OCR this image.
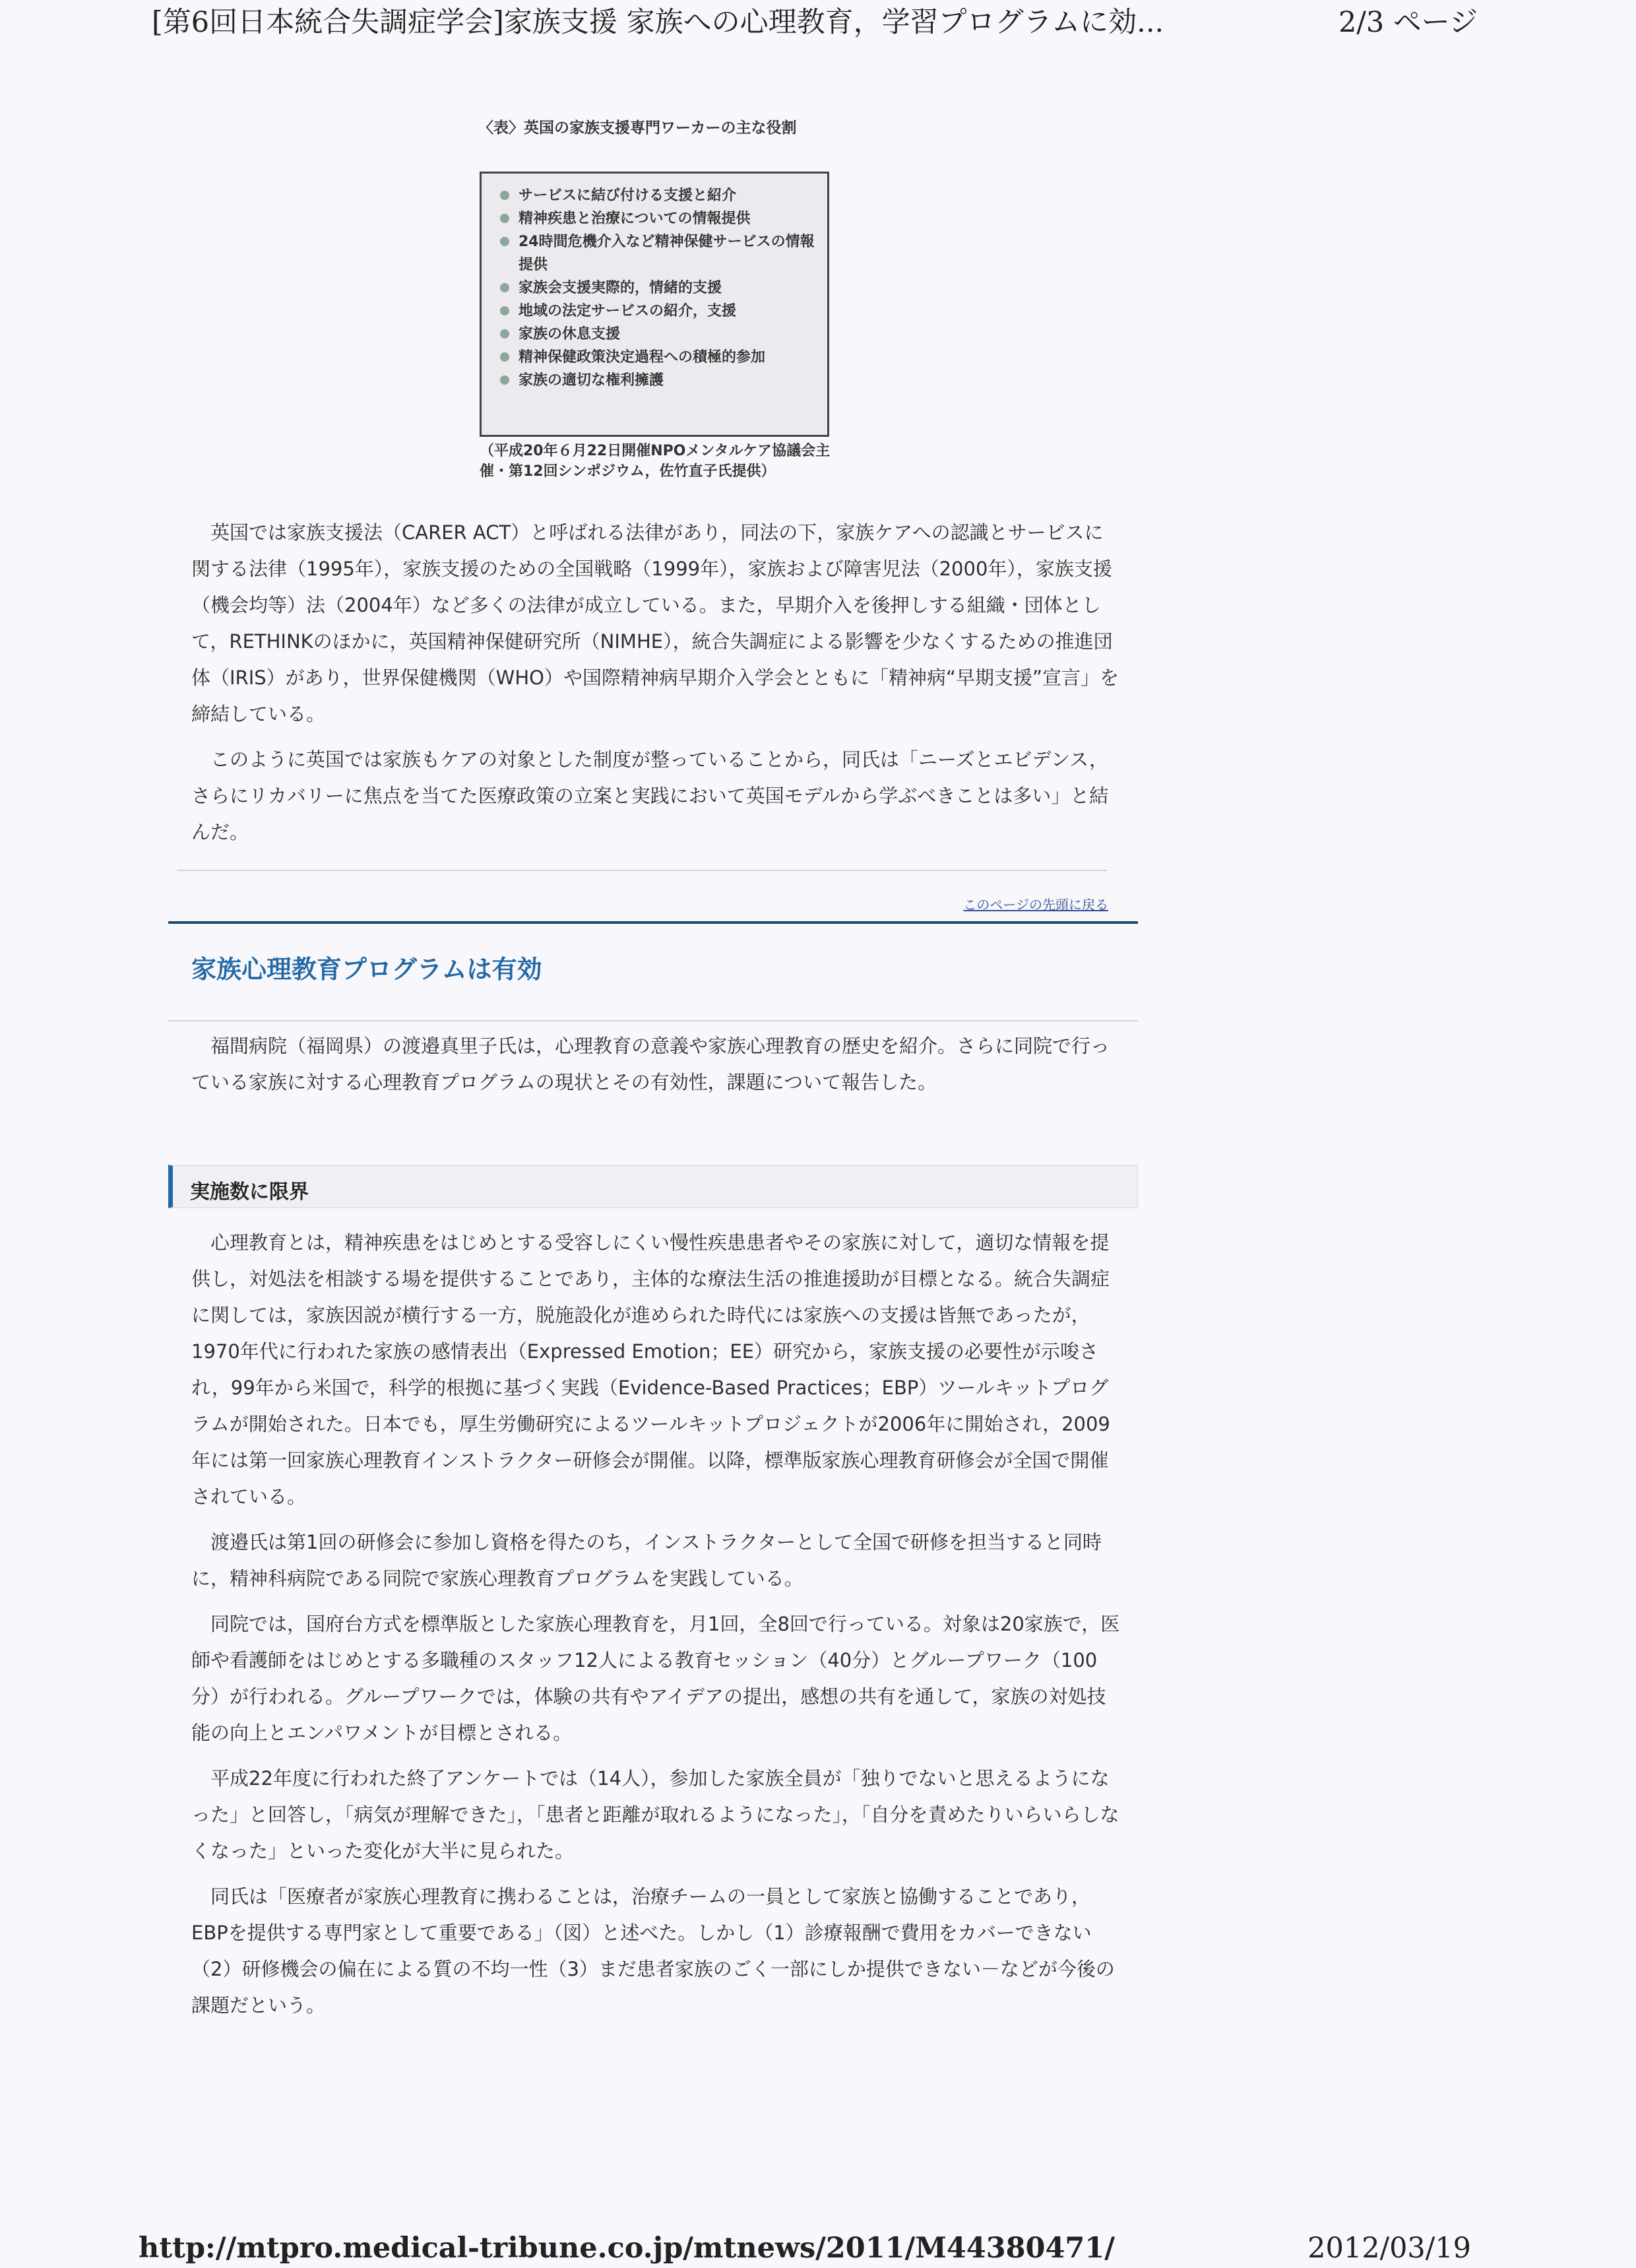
[第6回日本統合失調症学会]家族支援 家族への心理教育，学習プログラムに効...	2/3 ページ
〈表〉英国の家族支援専門ワーカーの主な役割
サービスに結び付ける支援と紹介
精神疾患と治療についての情報提供
24時間危機介入など精神保健サービスの情報提供
家族会支援実際的，情緒的支援
地域の法定サービスの紹介，支援
家族の休息支援
精神保健政策決定過程への積極的参加
家族の適切な権利擁護
（平成20年６月22日開催NPOメンタルケア協議会主催・第12回シンポジウム，佐竹直子氏提供）

英国では家族支援法（CARER ACT）と呼ばれる法律があり，同法の下，家族ケアへの認識とサービスに関する法律（1995年），家族支援のための全国戦略（1999年），家族および障害児法（2000年），家族支援（機会均等）法（2004年）など多くの法律が成立している。また，早期介入を後押しする組織・団体として，RETHINKのほかに，英国精神保健研究所（NIMHE），統合失調症による影響を少なくするための推進団体（IRIS）があり，世界保健機関（WHO）や国際精神病早期介入学会とともに「精神病“早期支援”宣言」を締結している。

このように英国では家族もケアの対象とした制度が整っていることから，同氏は「ニーズとエビデンス，さらにリカバリーに焦点を当てた医療政策の立案と実践において英国モデルから学ぶべきことは多い」と結んだ。

このページの先頭に戻る
家族心理教育プログラムは有効

福間病院（福岡県）の渡邉真里子氏は，心理教育の意義や家族心理教育の歴史を紹介。さらに同院で行っている家族に対する心理教育プログラムの現状とその有効性，課題について報告した。

実施数に限界

心理教育とは，精神疾患をはじめとする受容しにくい慢性疾患患者やその家族に対して，適切な情報を提供し，対処法を相談する場を提供することであり，主体的な療法生活の推進援助が目標となる。統合失調症に関しては，家族因説が横行する一方，脱施設化が進められた時代には家族への支援は皆無であったが，1970年代に行われた家族の感情表出（Expressed Emotion；EE）研究から，家族支援の必要性が示唆され，99年から米国で，科学的根拠に基づく実践（Evidence-Based Practices；EBP）ツールキットプログラムが開始された。日本でも，厚生労働研究によるツールキットプロジェクトが2006年に開始され，2009年には第一回家族心理教育インストラクター研修会が開催。以降，標準版家族心理教育研修会が全国で開催されている。

渡邉氏は第1回の研修会に参加し資格を得たのち，インストラクターとして全国で研修を担当すると同時に，精神科病院である同院で家族心理教育プログラムを実践している。

同院では，国府台方式を標準版とした家族心理教育を，月1回，全8回で行っている。対象は20家族で，医師や看護師をはじめとする多職種のスタッフ12人による教育セッション（40分）とグループワーク（100分）が行われる。グループワークでは，体験の共有やアイデアの提出，感想の共有を通して，家族の対処技能の向上とエンパワメントが目標とされる。

平成22年度に行われた終了アンケートでは（14人），参加した家族全員が「独りでないと思えるようになった」と回答し，「病気が理解できた」，「患者と距離が取れるようになった」，「自分を責めたりいらいらしなくなった」といった変化が大半に見られた。

同氏は「医療者が家族心理教育に携わることは，治療チームの一員として家族と協働することであり，EBPを提供する専門家として重要である」（図）と述べた。しかし（1）診療報酬で費用をカバーできない（2）研修機会の偏在による質の不均一性（3）まだ患者家族のごく一部にしか提供できない－などが今後の課題だという。

http://mtpro.medical-tribune.co.jp/mtnews/2011/M44380471/	2012/03/19
